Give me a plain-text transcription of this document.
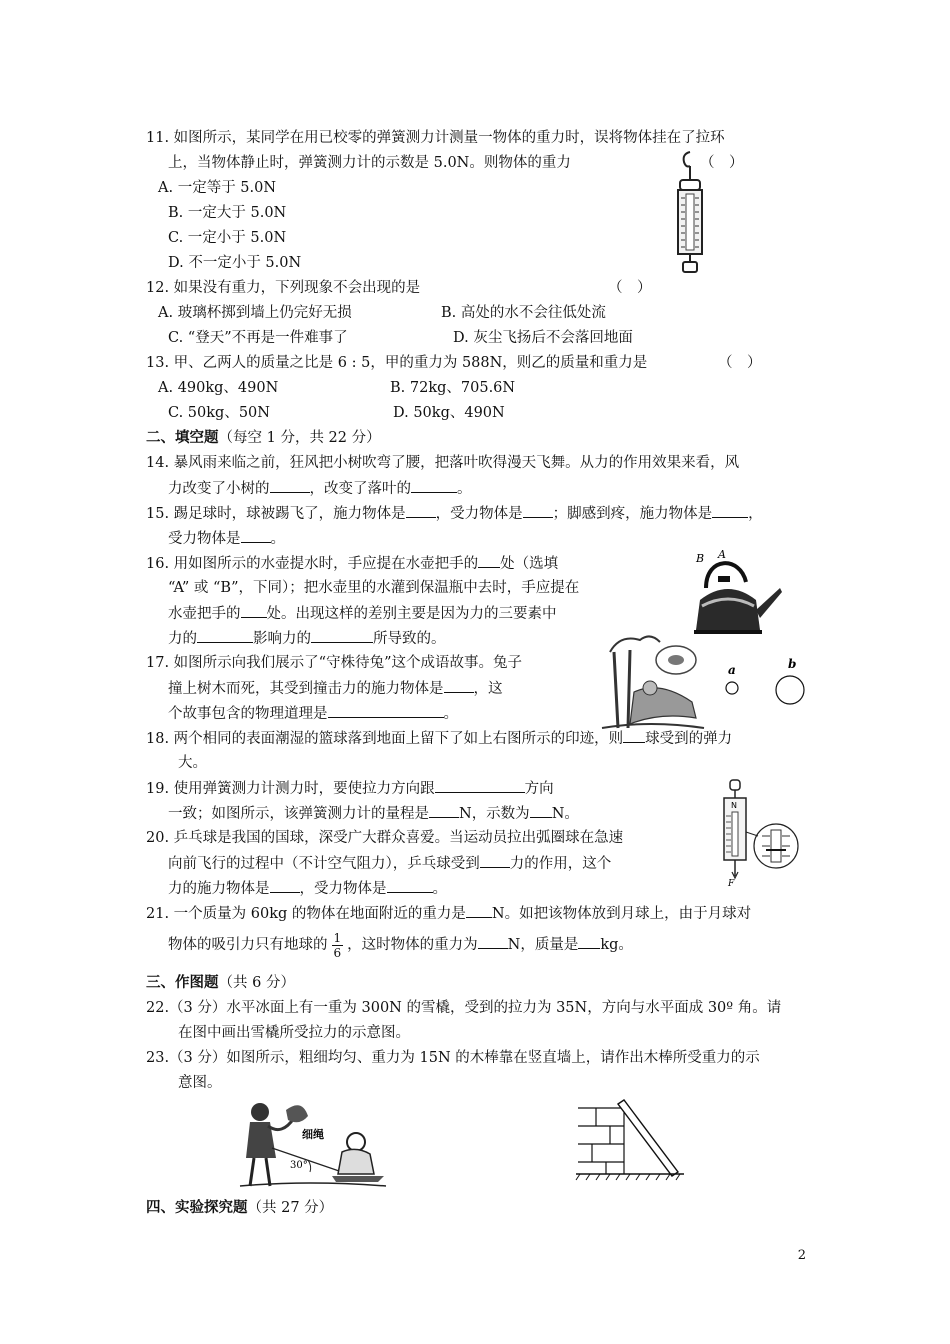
11. 如图所示，某同学在用已校零的弹簧测力计测量一物体的重力时，误将物体挂在了拉环
上，当物体静止时，弹簧测力计的示数是 5.0N。则物体的重力	（　）
A. 一定等于 5.0N
B. 一定大于 5.0N
C. 一定小于 5.0N
D. 不一定小于 5.0N
12. 如果没有重力，下列现象不会出现的是	（　）
A. 玻璃杯掷到墙上仍完好无损	B. 高处的水不会往低处流
C. “登天”不再是一件难事了	D. 灰尘飞扬后不会落回地面
13. 甲、乙两人的质量之比是 6 : 5，甲的重力为 588N，则乙的质量和重力是	（　）
A. 490kg、490N	B. 72kg、705.6N
C. 50kg、50N	D. 50kg、490N
二、填空题（每空 1 分，共 22 分）
14. 暴风雨来临之前，狂风把小树吹弯了腰，把落叶吹得漫天飞舞。从力的作用效果来看，风
力改变了小树的	，改变了落叶的	。
15. 踢足球时，球被踢飞了，施力物体是 ，受力物体是 ；脚感到疼，施力物体是 ，
受力物体是 。
16. 用如图所示的水壶提水时，手应提在水壶把手的 处（选填
“A” 或 “B”，下同）；把水壶里的水灌到保温瓶中去时，手应提在
水壶把手的 处。出现这样的差别主要是因为力的三要素中
力的	影响力的	所导致的。
B A
17. 如图所示向我们展示了“守株待兔”这个成语故事。兔子
撞上树木而死，其受到撞击力的施力物体是 ，这
个故事包含的物理道理是	。
a	b
18. 两个相同的表面潮湿的篮球落到地面上留下了如上右图所示的印迹，则 球受到的弹力
大。
19. 使用弹簧测力计测力时，要使拉力方向跟	方向
一致；如图所示，该弹簧测力计的量程是 N，示数为 N。
N
F
20. 乒乓球是我国的国球，深受广大群众喜爱。当运动员拉出弧圈球在急速
向前飞行的过程中（不计空气阻力），乒乓球受到 力的作用，这个
力的施力物体是 ，受力物体是	。
21. 一个质量为 60kg 的物体在地面附近的重力是 N。如把该物体放到月球上，由于月球对
物体的吸引力只有地球的 $\frac{1}{6}$ ，这时物体的重力为 N，质量是 kg。
三、作图题（共 6 分）
22.（3 分）水平冰面上有一重为 300N 的雪橇，受到的拉力为 35N，方向与水平面成 30º 角。请
在图中画出雪橇所受拉力的示意图。
23.（3 分）如图所示，粗细均匀、重力为 15N 的木棒靠在竖直墙上，请作出木棒所受重力的示
意图。
细绳
30°
四、实验探究题（共 27 分）
2
